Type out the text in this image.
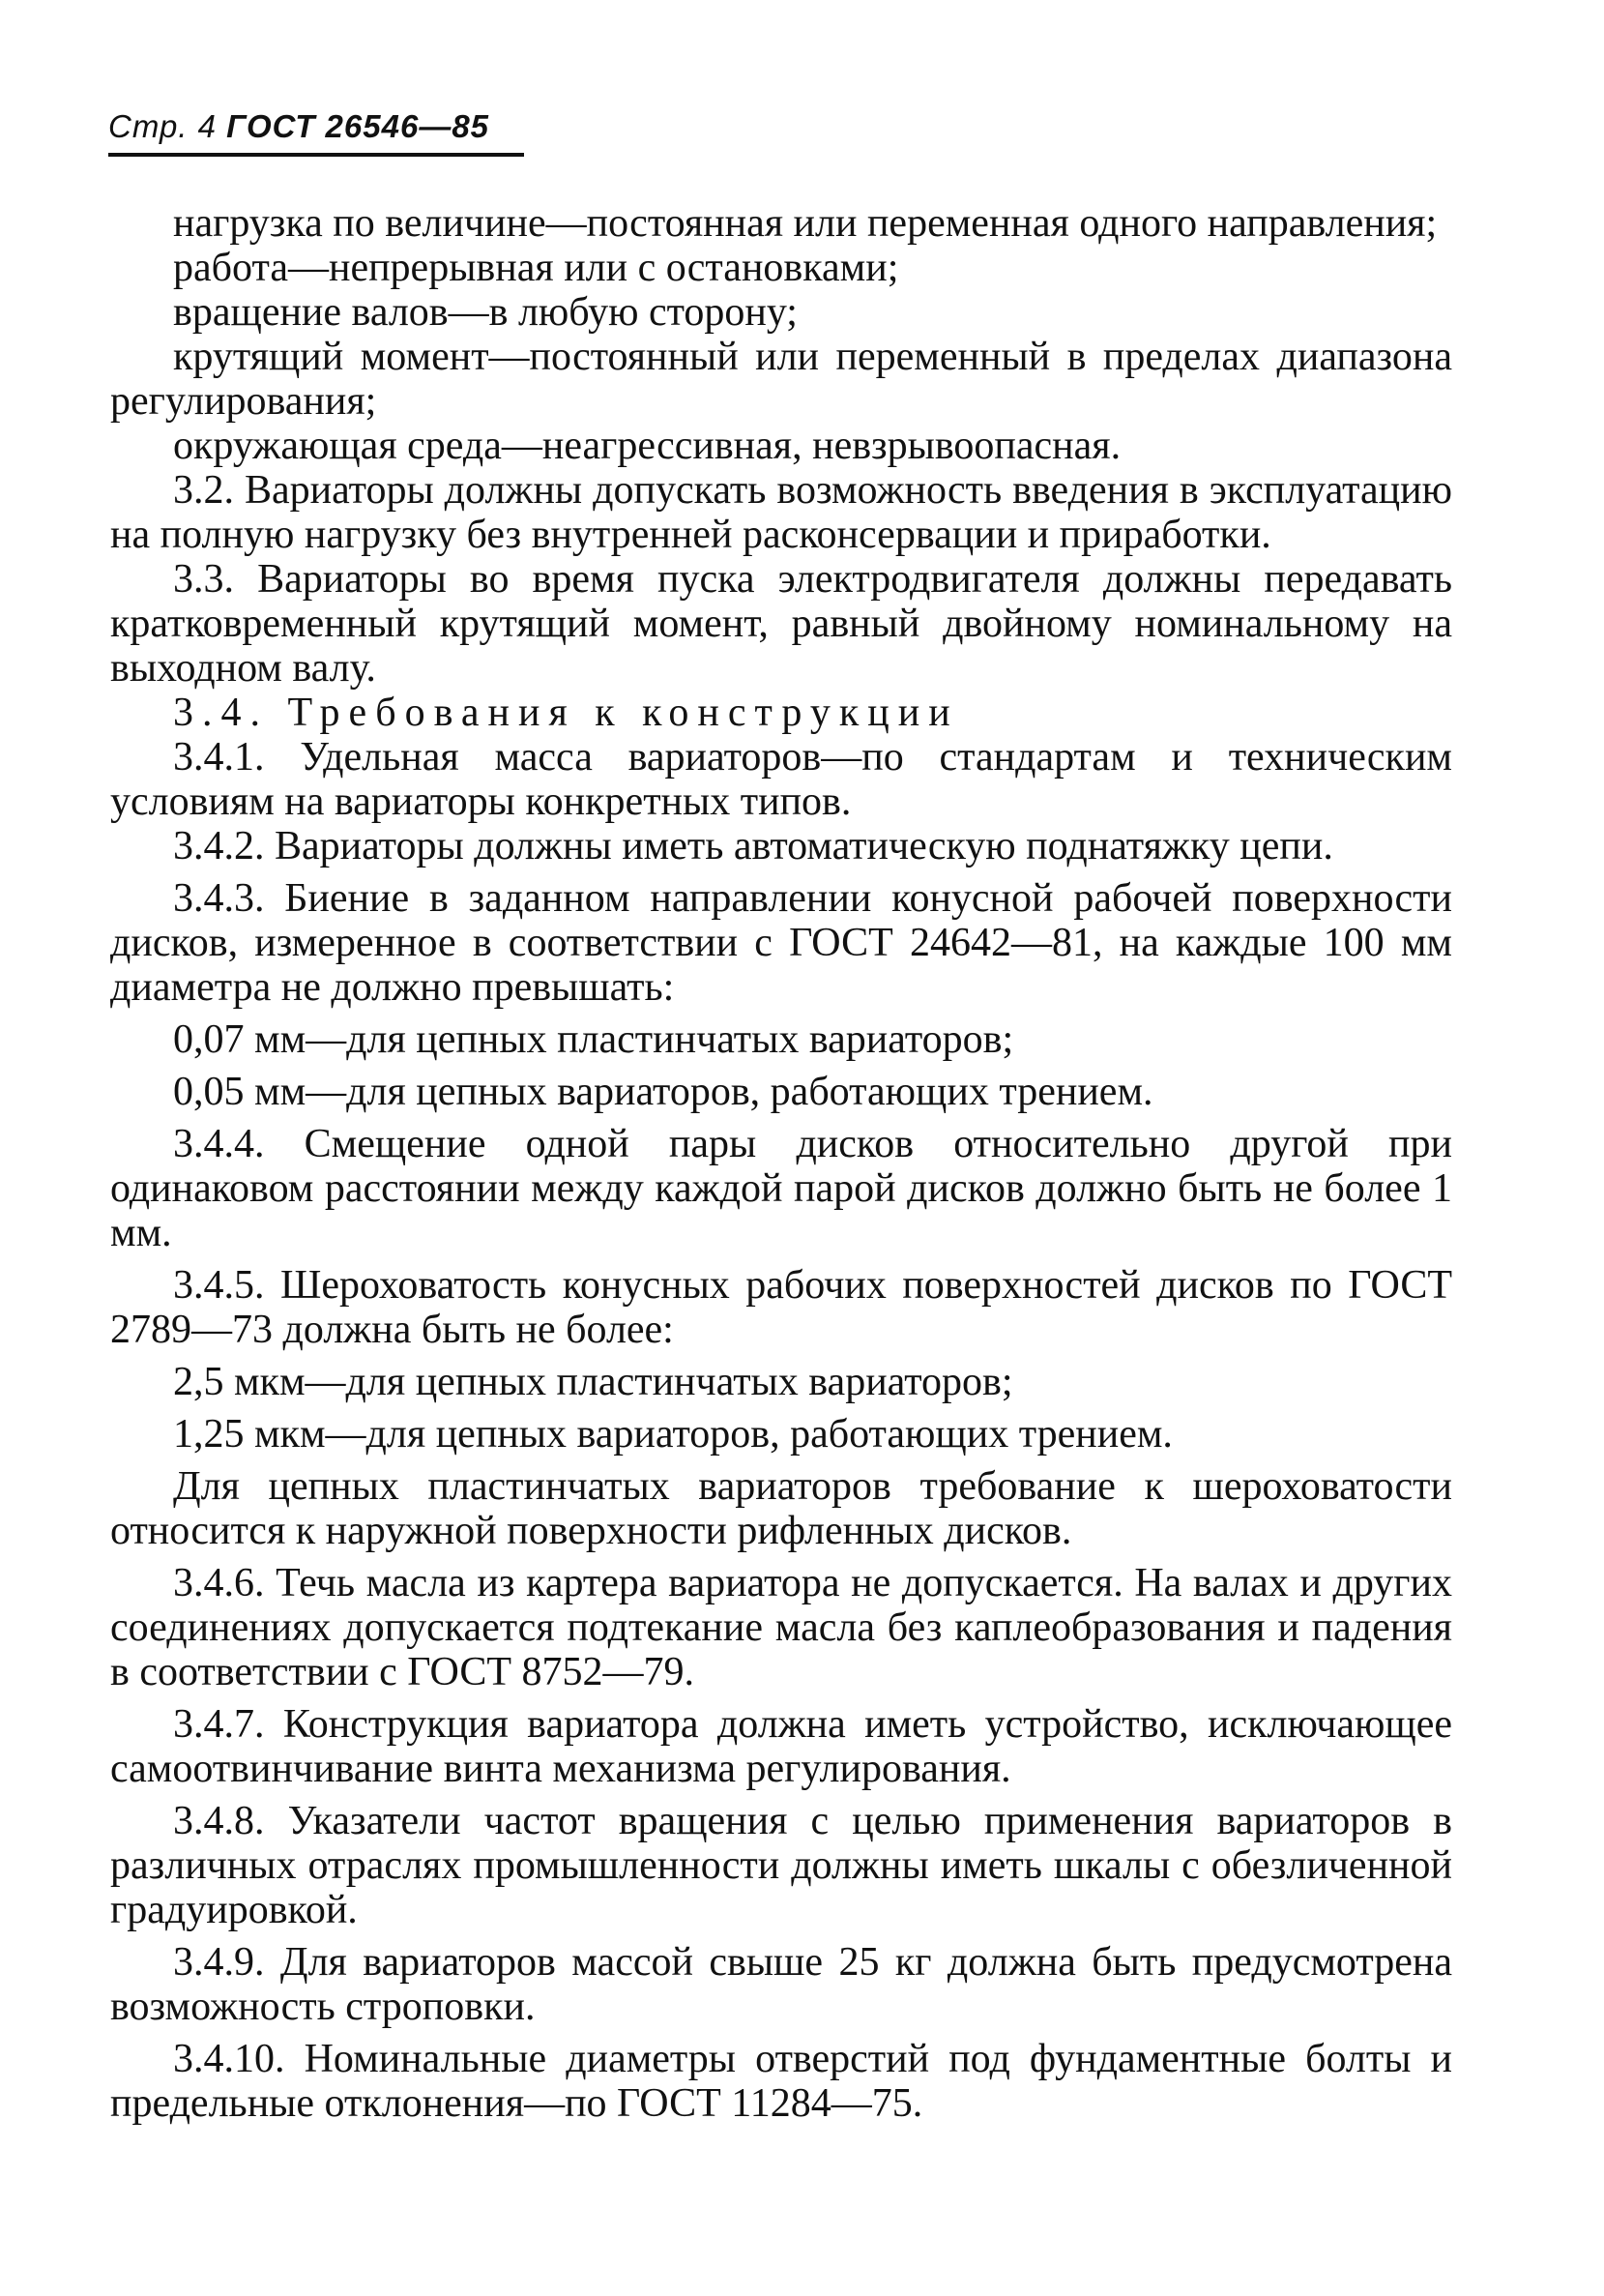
Стр. 4 ГОСТ 26546—85

нагрузка по величине—постоянная или переменная одного направления;

работа—непрерывная или с остановками;

вращение валов—в любую сторону;

крутящий момент—постоянный или переменный в пределах диапазона регулирования;

окружающая среда—неагрессивная, невзрывоопасная.

3.2. Вариаторы должны допускать возможность введения в эксплуатацию на полную нагрузку без внутренней расконсервации и приработки.

3.3. Вариаторы во время пуска электродвигателя должны передавать кратковременный крутящий момент, равный двойному номинальному на выходном валу.

3.4. Требования к конструкции

3.4.1. Удельная масса вариаторов—по стандартам и техническим условиям на вариаторы конкретных типов.

3.4.2. Вариаторы должны иметь автоматическую поднатяжку цепи.

3.4.3. Биение в заданном направлении конусной рабочей поверхности дисков, измеренное в соответствии с ГОСТ 24642—81, на каждые 100 мм диаметра не должно превышать:

0,07 мм—для цепных пластинчатых вариаторов;

0,05 мм—для цепных вариаторов, работающих трением.

3.4.4. Смещение одной пары дисков относительно другой при одинаковом расстоянии между каждой парой дисков должно быть не более 1 мм.

3.4.5. Шероховатость конусных рабочих поверхностей дисков по ГОСТ 2789—73 должна быть не более:

2,5 мкм—для цепных пластинчатых вариаторов;

1,25 мкм—для цепных вариаторов, работающих трением.

Для цепных пластинчатых вариаторов требование к шероховатости относится к наружной поверхности рифленных дисков.

3.4.6. Течь масла из картера вариатора не допускается. На валах и других соединениях допускается подтекание масла без каплеобразования и падения в соответствии с ГОСТ 8752—79.

3.4.7. Конструкция вариатора должна иметь устройство, исключающее самоотвинчивание винта механизма регулирования.

3.4.8. Указатели частот вращения с целью применения вариаторов в различных отраслях промышленности должны иметь шкалы с обезличенной градуировкой.

3.4.9. Для вариаторов массой свыше 25 кг должна быть предусмотрена возможность строповки.

3.4.10. Номинальные диаметры отверстий под фундаментные болты и предельные отклонения—по ГОСТ 11284—75.
